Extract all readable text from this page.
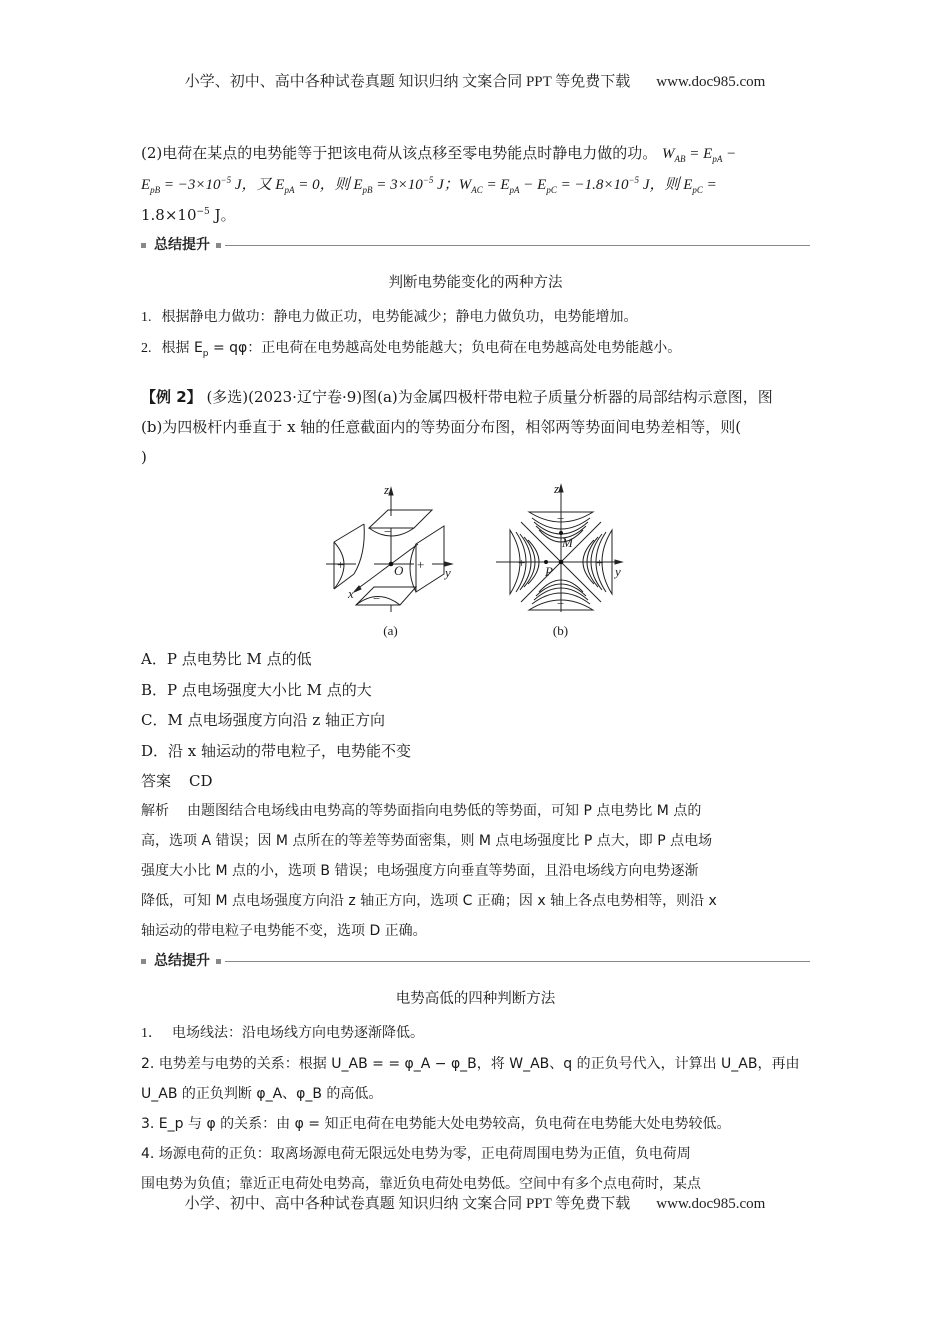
小学、初中、高中各种试卷真题 知识归纳 文案合同 PPT 等免费下载 www.doc985.com

(2)电荷在某点的电势能等于把该电荷从该点移至零电势能点时静电力做的功。 $W_{AB} = E_{pA}$ −
$E_{pB} = -3\times 10^{-5}$ J，又 $E_{pA} = 0$，则 $E_{pB} = 3\times 10^{-5}$ J；$W_{AC} = E_{pA} - E_{pC} = -1.8\times 10^{-5}$ J，则 $E_{pC}$ =
$1.8\times 10^{-5}$ J。

总结提升
判断电势能变化的两种方法

1. 根据静电力做功：静电力做正功，电势能减少；静电力做负功，电势能增加。

2. 根据 $E_p = q\varphi$：正电荷在电势越高处电势能越大；负电荷在电势越高处电势能越小。

【例 2】 (多选)(2023·辽宁卷·9)图(a)为金属四极杆带电粒子质量分析器的局部结构示意图，图
(b)为四极杆内垂直于 x 轴的任意截面内的等势面分布图，相邻两等势面间电势差相等，则(
)

z
y
x
O
+	+
−
−
(a)
z
y
M
P
+	+
−
−
(b)

A．P 点电势比 M 点的低

B．P 点电场强度大小比 M 点的大

C．M 点电场强度方向沿 z 轴正方向

D．沿 x 轴运动的带电粒子，电势能不变

答案 CD

解析 由题图结合电场线由电势高的等势面指向电势低的等势面，可知 P 点电势比 M 点的
高，选项 A 错误；因 M 点所在的等差等势面密集，则 M 点电场强度比 P 点大，即 P 点电场
强度大小比 M 点的小，选项 B 错误；电场强度方向垂直等势面，且沿电场线方向电势逐渐
降低，可知 M 点电场强度方向沿 z 轴正方向，选项 C 正确；因 x 轴上各点电势相等，则沿 x
轴运动的带电粒子电势能不变，选项 D 正确。

总结提升
电势高低的四种判断方法

1． 电场线法：沿电场线方向电势逐渐降低。

2. 电势差与电势的关系：根据 U_AB = = φ_A − φ_B，将 W_AB、q 的正负号代入，计算出 U_AB，再由
U_AB 的正负判断 φ_A、φ_B 的高低。

3. E_p 与 φ 的关系：由 φ = 知正电荷在电势能大处电势较高，负电荷在电势能大处电势较低。

4. 场源电荷的正负：取离场源电荷无限远处电势为零，正电荷周围电势为正值，负电荷周
围电势为负值；靠近正电荷处电势高，靠近负电荷处电势低。空间中有多个点电荷时，某点

小学、初中、高中各种试卷真题 知识归纳 文案合同 PPT 等免费下载 www.doc985.com
